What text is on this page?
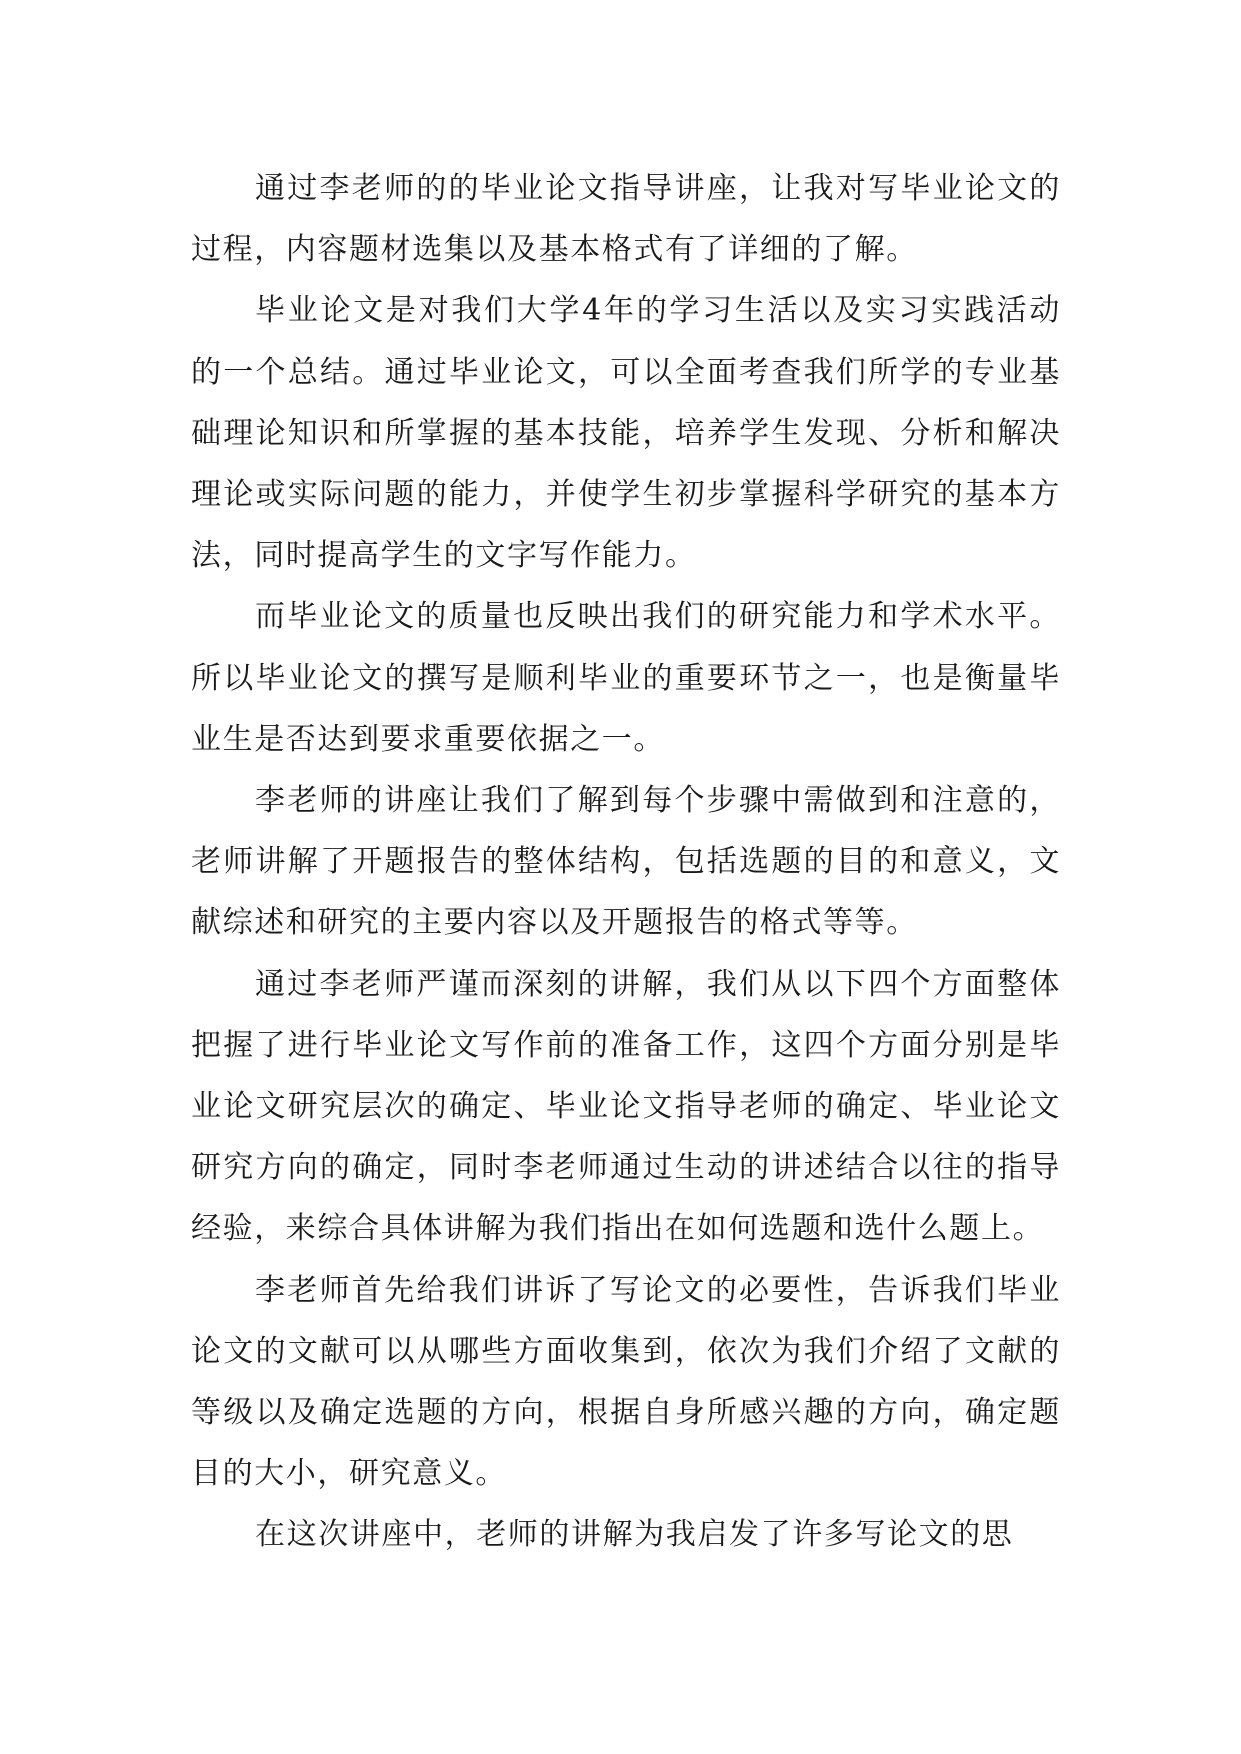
通过李老师的的毕业论文指导讲座，让我对写毕业论文的过程，内容题材选集以及基本格式有了详细的了解。

毕业论文是对我们大学4年的学习生活以及实习实践活动的一个总结。通过毕业论文，可以全面考查我们所学的专业基础理论知识和所掌握的基本技能，培养学生发现、分析和解决理论或实际问题的能力，并使学生初步掌握科学研究的基本方法，同时提高学生的文字写作能力。

而毕业论文的质量也反映出我们的研究能力和学术水平。所以毕业论文的撰写是顺利毕业的重要环节之一，也是衡量毕业生是否达到要求重要依据之一。

李老师的讲座让我们了解到每个步骤中需做到和注意的，老师讲解了开题报告的整体结构，包括选题的目的和意义，文献综述和研究的主要内容以及开题报告的格式等等。

通过李老师严谨而深刻的讲解，我们从以下四个方面整体把握了进行毕业论文写作前的准备工作，这四个方面分别是毕业论文研究层次的确定、毕业论文指导老师的确定、毕业论文研究方向的确定，同时李老师通过生动的讲述结合以往的指导经验，来综合具体讲解为我们指出在如何选题和选什么题上。

李老师首先给我们讲诉了写论文的必要性，告诉我们毕业论文的文献可以从哪些方面收集到，依次为我们介绍了文献的等级以及确定选题的方向，根据自身所感兴趣的方向，确定题目的大小，研究意义。

在这次讲座中，老师的讲解为我启发了许多写论文的思
